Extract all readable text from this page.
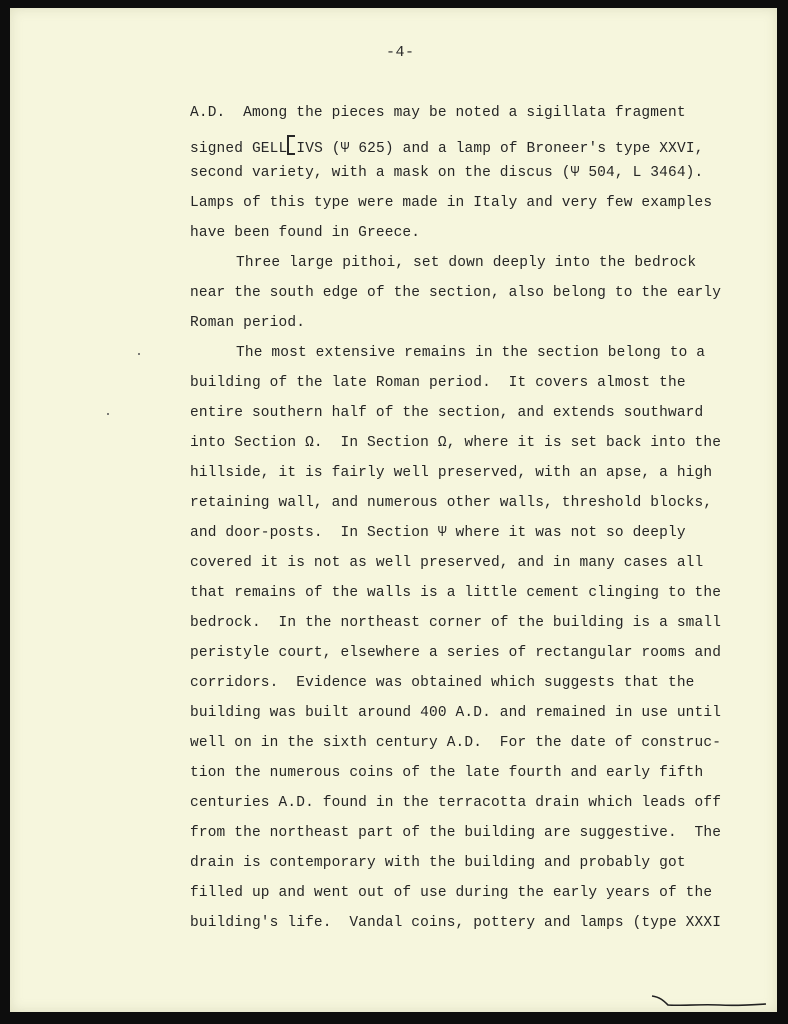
-4-
A.D.  Among the pieces may be noted a sigillata fragment
signed GELL IVS (Ψ 625) and a lamp of Broneer's type XXVI,
second variety, with a mask on the discus (Ψ 504, L 3464).
Lamps of this type were made in Italy and very few examples
have been found in Greece.
Three large pithoi, set down deeply into the bedrock
near the south edge of the section, also belong to the early
Roman period.
The most extensive remains in the section belong to a
building of the late Roman period.  It covers almost the
entire southern half of the section, and extends southward
into Section Ω.  In Section Ω, where it is set back into the
hillside, it is fairly well preserved, with an apse, a high
retaining wall, and numerous other walls, threshold blocks,
and door-posts.  In Section Ψ where it was not so deeply
covered it is not as well preserved, and in many cases all
that remains of the walls is a little cement clinging to the
bedrock.  In the northeast corner of the building is a small
peristyle court, elsewhere a series of rectangular rooms and
corridors.  Evidence was obtained which suggests that the
building was built around 400 A.D. and remained in use until
well on in the sixth century A.D.  For the date of construc-
tion the numerous coins of the late fourth and early fifth
centuries A.D. found in the terracotta drain which leads off
from the northeast part of the building are suggestive.  The
drain is contemporary with the building and probably got
filled up and went out of use during the early years of the
building's life.  Vandal coins, pottery and lamps (type XXXI
